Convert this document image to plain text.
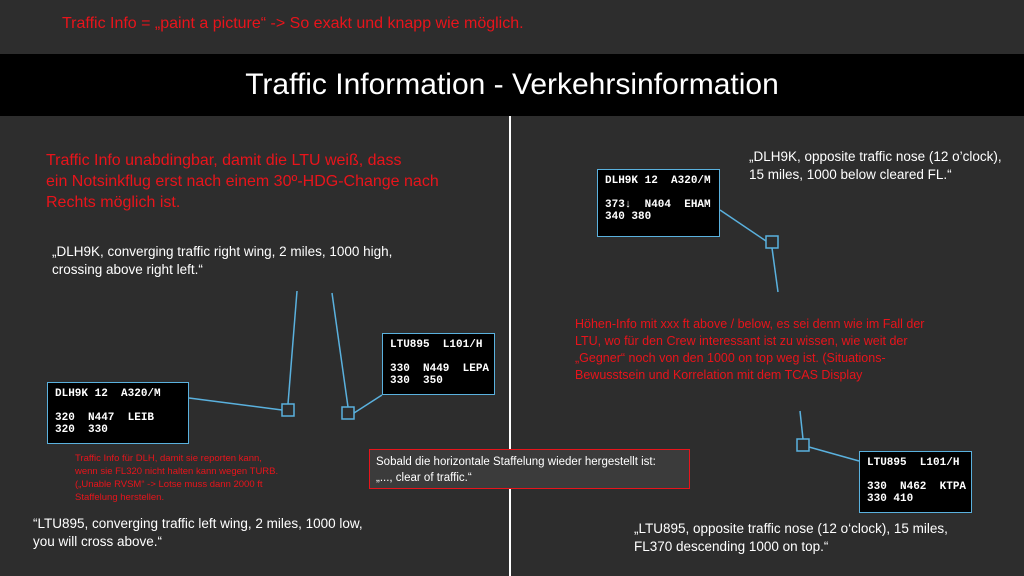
Traffic Info = „paint a picture“ -> So exakt und knapp wie möglich.
Traffic Information - Verkehrsinformation
Traffic Info unabdingbar, damit die LTU weiß, dass
ein Notsinkflug erst nach einem 30º-HDG-Change nach
Rechts möglich ist.
„DLH9K, converging traffic right wing, 2 miles, 1000 high,
crossing above right left.“
„DLH9K, opposite traffic nose (12 o’clock),
15 miles, 1000 below cleared FL.“
Höhen-Info mit xxx ft above / below, es sei denn wie im Fall der
LTU, wo für den Crew interessant ist zu wissen, wie weit der
„Gegner“ noch von den 1000 on top weg ist. (Situations-
Bewusstsein und Korrelation mit dem TCAS Display
Traffic Info für DLH, damit sie reporten kann,
wenn sie FL320 nicht halten kann wegen TURB.
(„Unable RVSM“ -> Lotse muss dann 2000 ft
Staffelung herstellen.
Sobald die horizontale Staffelung wieder hergestellt ist:
„..., clear of traffic.“
“LTU895, converging traffic left wing, 2 miles, 1000 low,
you will cross above.“
„LTU895, opposite traffic nose (12 o‘clock), 15 miles,
FL370 descending 1000 on top.“
DLH9K 12  A320/M
320  N447  LEIB
320  330
LTU895  L101/H
330  N449  LEPA
330  350
DLH9K 12  A320/M
373↓  N404  EHAM
340 380
LTU895  L101/H
330  N462  KTPA
330 410
